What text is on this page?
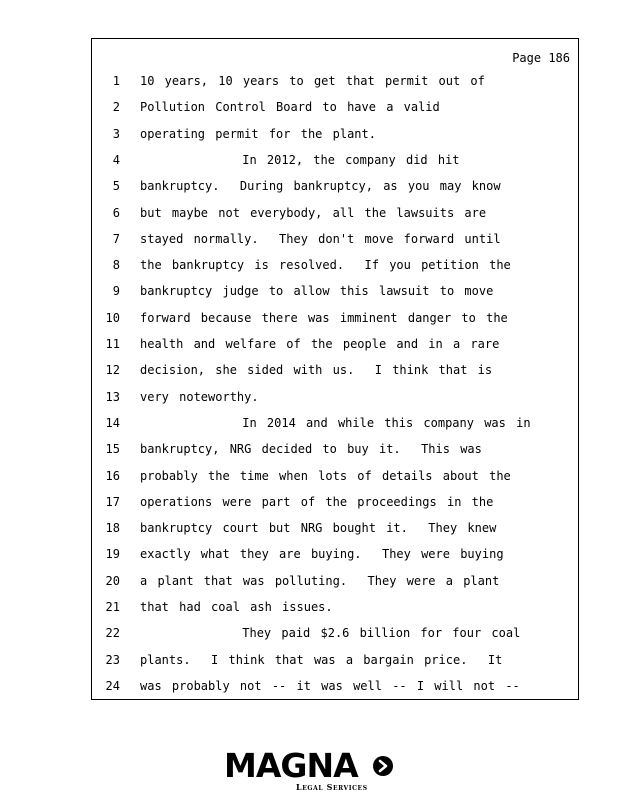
Page 186
1 10 years, 10 years to get that permit out of
2 Pollution Control Board to have a valid
3 operating permit for the plant.
4 In 2012, the company did hit
5 bankruptcy.  During bankruptcy, as you may know
6 but maybe not everybody, all the lawsuits are
7 stayed normally.  They don't move forward until
8 the bankruptcy is resolved.  If you petition the
9 bankruptcy judge to allow this lawsuit to move
10 forward because there was imminent danger to the
11 health and welfare of the people and in a rare
12 decision, she sided with us.  I think that is
13 very noteworthy.
14 In 2014 and while this company was in
15 bankruptcy, NRG decided to buy it.  This was
16 probably the time when lots of details about the
17 operations were part of the proceedings in the
18 bankruptcy court but NRG bought it.  They knew
19 exactly what they are buying.  They were buying
20 a plant that was polluting.  They were a plant
21 that had coal ash issues.
22 They paid $2.6 billion for four coal
23 plants.  I think that was a bargain price.  It
24 was probably not -- it was well -- I will not --
MAGNA
Legal Services
